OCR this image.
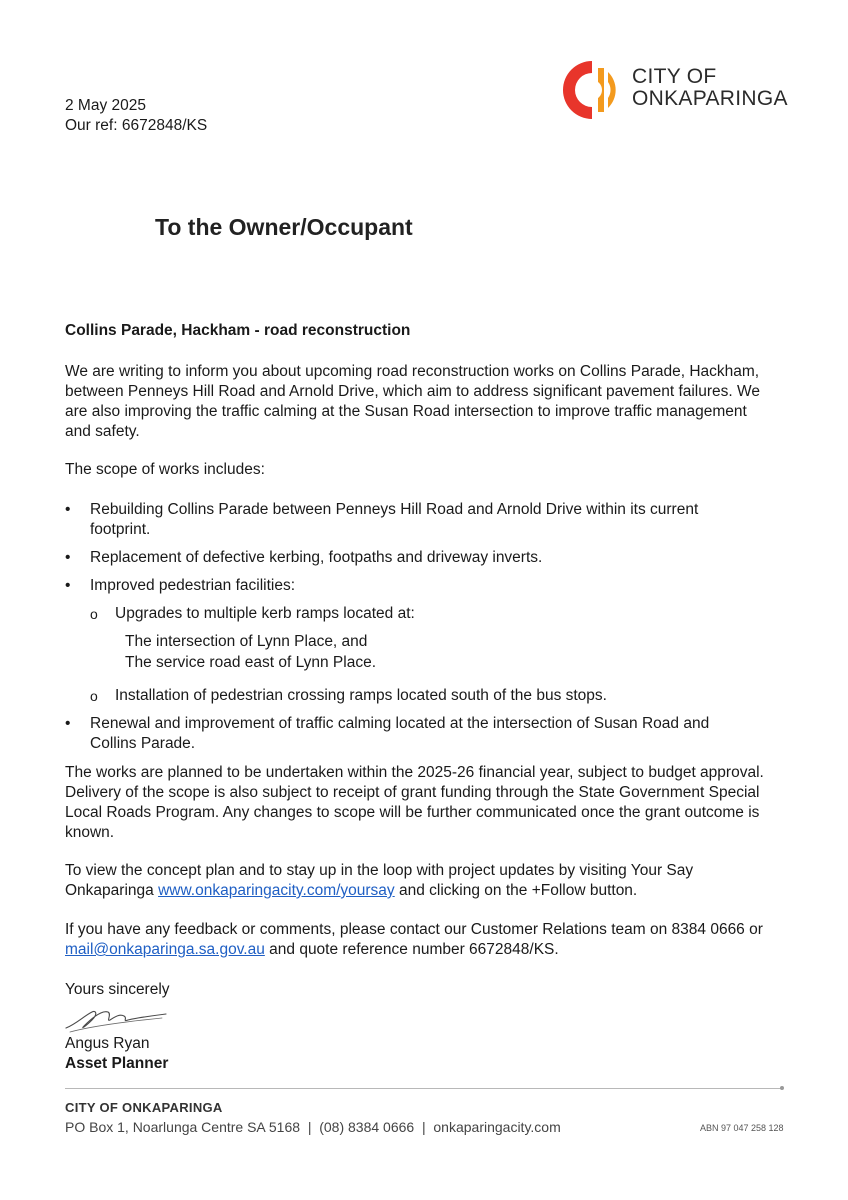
2 May 2025
Our ref: 6672848/KS
CITY OF
ONKAPARINGA
To the Owner/Occupant
Collins Parade, Hackham - road reconstruction

We are writing to inform you about upcoming road reconstruction works on Collins Parade, Hackham, between Penneys Hill Road and Arnold Drive, which aim to address significant pavement failures. We are also improving the traffic calming at the Susan Road intersection to improve traffic management and safety.

The scope of works includes:
• Rebuilding Collins Parade between Penneys Hill Road and Arnold Drive within its current footprint.
• Replacement of defective kerbing, footpaths and driveway inverts.
• Improved pedestrian facilities:
o Upgrades to multiple kerb ramps located at:
The intersection of Lynn Place, and
The service road east of Lynn Place.
o Installation of pedestrian crossing ramps located south of the bus stops.
• Renewal and improvement of traffic calming located at the intersection of Susan Road and Collins Parade.

The works are planned to be undertaken within the 2025-26 financial year, subject to budget approval. Delivery of the scope is also subject to receipt of grant funding through the State Government Special Local Roads Program. Any changes to scope will be further communicated once the grant outcome is known.

To view the concept plan and to stay up in the loop with project updates by visiting Your Say Onkaparinga www.onkaparingacity.com/yoursay and clicking on the +Follow button.

If you have any feedback or comments, please contact our Customer Relations team on 8384 0666 or mail@onkaparinga.sa.gov.au and quote reference number 6672848/KS.

Yours sincerely
Angus Ryan
Asset Planner
CITY OF ONKAPARINGA
PO Box 1, Noarlunga Centre SA 5168  |  (08) 8384 0666  |  onkaparingacity.com	ABN 97 047 258 128
